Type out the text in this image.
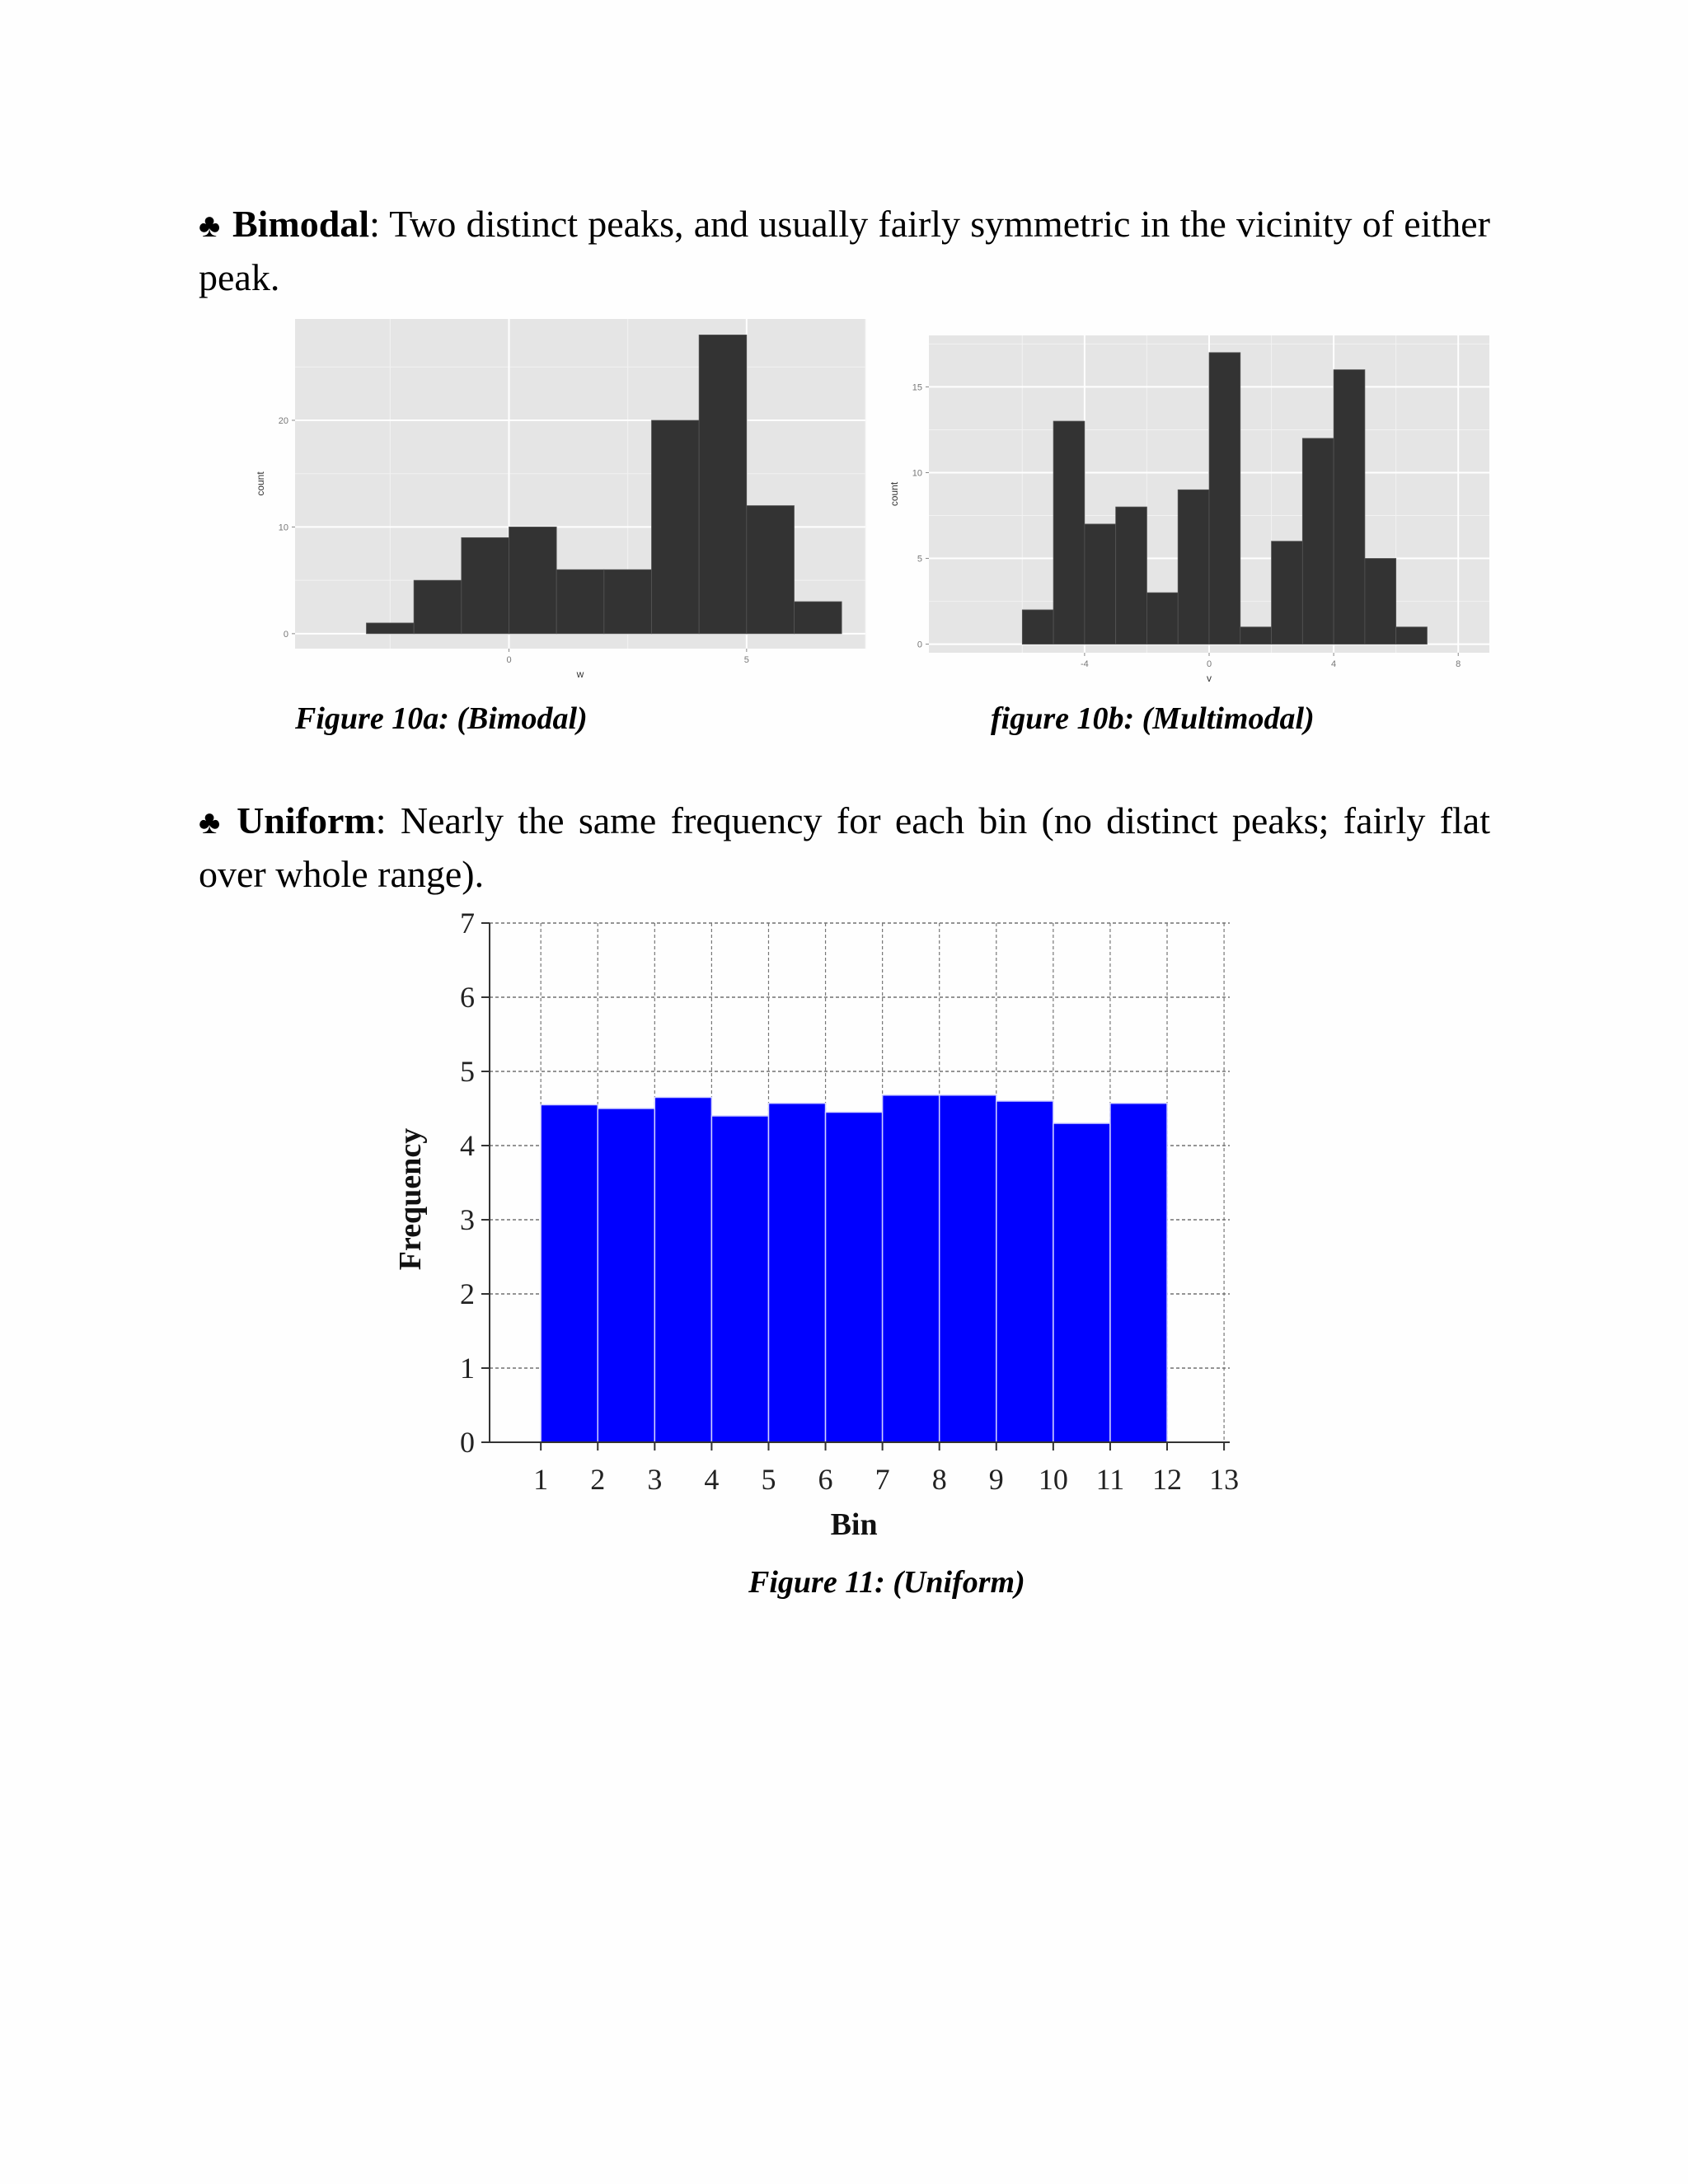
♣ Bimodal: Two distinct peaks, and usually fairly symmetric in the vicinity of either peak.
0
10
20
0	5
w
count
0
5
10
15
-4	0	4	8
v
count
Figure 10a: (Bimodal)	figure 10b: (Multimodal)
♣ Uniform: Nearly the same frequency for each bin (no distinct peaks; fairly flat over whole range).
0
1
2
3
4
5
6
7
1 2 3 4 5 6 7 8 9 10 11 12 13
Bin
Frequency
Figure 11: (Uniform)
